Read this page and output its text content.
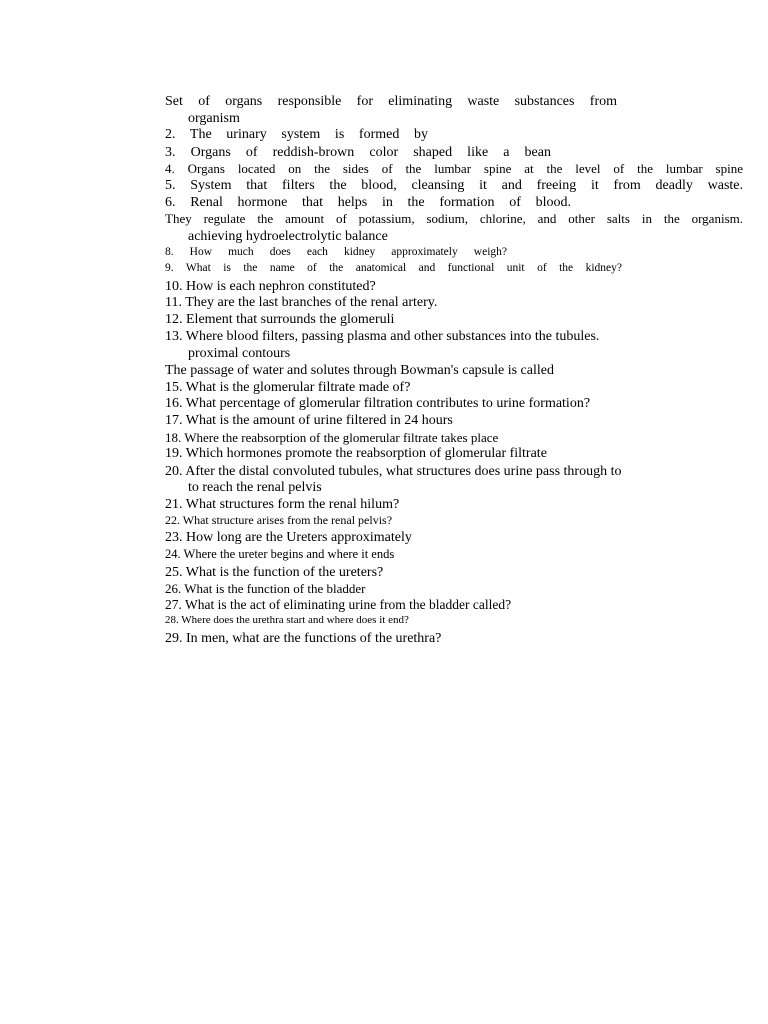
Set of organs responsible for eliminating waste substances from
organism
2. The urinary system is formed by
3. Organs of reddish-brown color shaped like a bean
4. Organs located on the sides of the lumbar spine at the level of the lumbar spine
5. System that filters the blood, cleansing it and freeing it from deadly waste.
6. Renal hormone that helps in the formation of blood.
They regulate the amount of potassium, sodium, chlorine, and other salts in the organism.
achieving hydroelectrolytic balance
8. How much does each kidney approximately weigh?
9. What is the name of the anatomical and functional unit of the kidney?
10. How is each nephron constituted?
11. They are the last branches of the renal artery.
12. Element that surrounds the glomeruli
13. Where blood filters, passing plasma and other substances into the tubules.
proximal contours
The passage of water and solutes through Bowman's capsule is called
15. What is the glomerular filtrate made of?
16. What percentage of glomerular filtration contributes to urine formation?
17. What is the amount of urine filtered in 24 hours
18. Where the reabsorption of the glomerular filtrate takes place
19. Which hormones promote the reabsorption of glomerular filtrate
20. After the distal convoluted tubules, what structures does urine pass through to
to reach the renal pelvis
21. What structures form the renal hilum?
22. What structure arises from the renal pelvis?
23. How long are the Ureters approximately
24. Where the ureter begins and where it ends
25. What is the function of the ureters?
26. What is the function of the bladder
27. What is the act of eliminating urine from the bladder called?
28. Where does the urethra start and where does it end?
29. In men, what are the functions of the urethra?
